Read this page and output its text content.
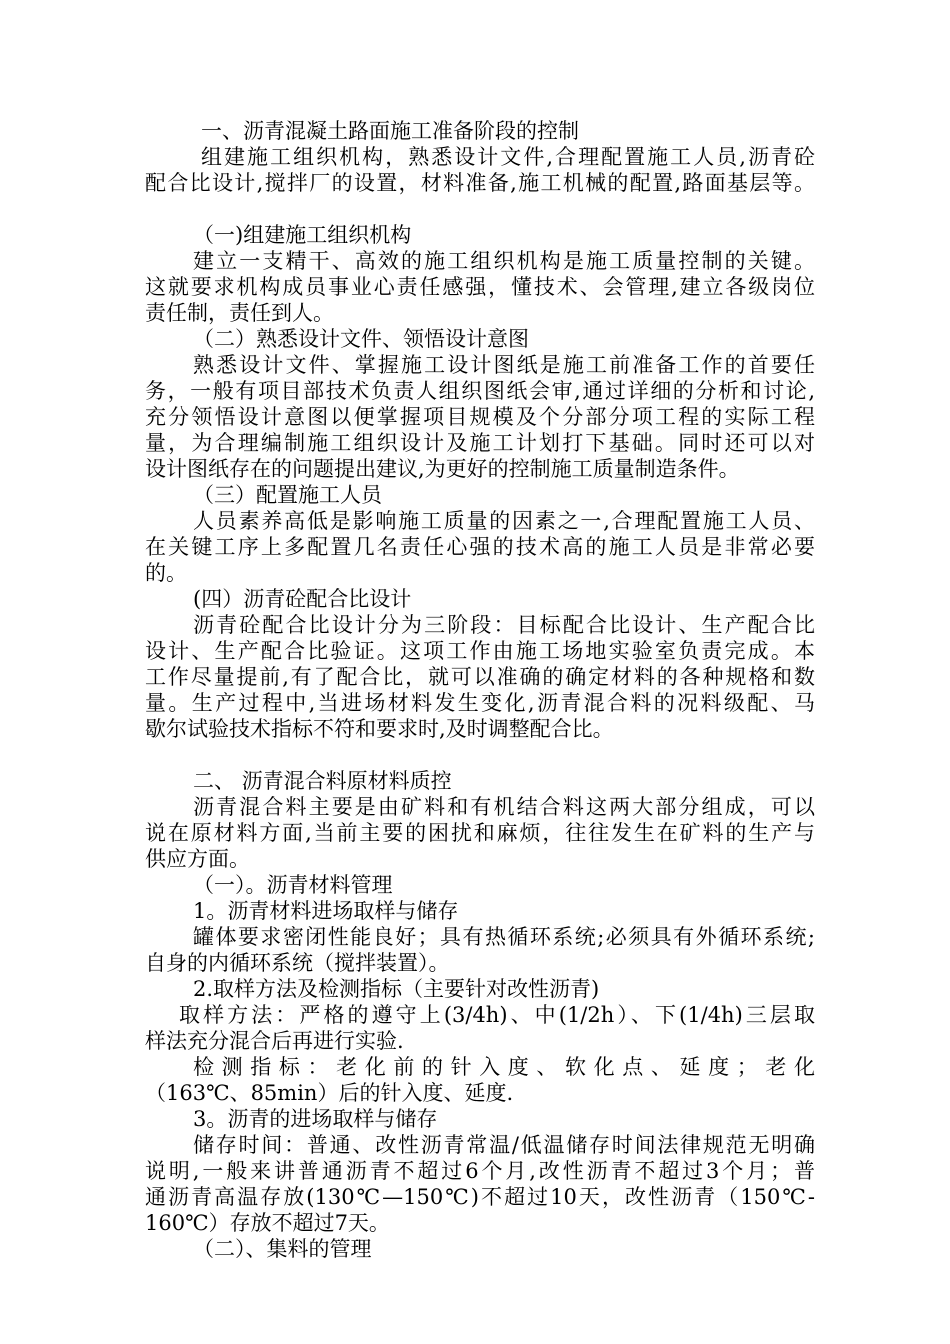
一、沥青混凝土路面施工准备阶段的控制
组建施工组织机构，熟悉设计文件,合理配置施工人员,沥青砼
配合比设计,搅拌厂的设置，材料准备,施工机械的配置,路面基层等。
（一)组建施工组织机构
建立一支精干、高效的施工组织机构是施工质量控制的关键。
这就要求机构成员事业心责任感强，懂技术、会管理,建立各级岗位
责任制，责任到人。
（二）熟悉设计文件、领悟设计意图
熟悉设计文件、掌握施工设计图纸是施工前准备工作的首要任
务，一般有项目部技术负责人组织图纸会审,通过详细的分析和讨论,
充分领悟设计意图以便掌握项目规模及个分部分项工程的实际工程
量，为合理编制施工组织设计及施工计划打下基础。同时还可以对
设计图纸存在的问题提出建议,为更好的控制施工质量制造条件。
（三）配置施工人员
人员素养高低是影响施工质量的因素之一,合理配置施工人员、
在关键工序上多配置几名责任心强的技术高的施工人员是非常必要
的。
(四）沥青砼配合比设计
沥青砼配合比设计分为三阶段：目标配合比设计、生产配合比
设计、生产配合比验证。这项工作由施工场地实验室负责完成。本
工作尽量提前,有了配合比，就可以准确的确定材料的各种规格和数
量。生产过程中,当进场材料发生变化,沥青混合料的况料级配、马
歇尔试验技术指标不符和要求时,及时调整配合比。
二、 沥青混合料原材料质控
沥青混合料主要是由矿料和有机结合料这两大部分组成，可以
说在原材料方面,当前主要的困扰和麻烦，往往发生在矿料的生产与
供应方面。
（一）。沥青材料管理
1。沥青材料进场取样与储存
罐体要求密闭性能良好；具有热循环系统;必须具有外循环系统;
自身的内循环系统（搅拌装置）。
2.取样方法及检测指标（主要针对改性沥青)
取样方法：严格的遵守上(3/4h)、中(1/2h）、下(1/4h)三层取
样法充分混合后再进行实验.
检测指标：老化前的针入度、软化点、延度；老化
（163℃、85min）后的针入度、延度.
3。沥青的进场取样与储存
储存时间：普通、改性沥青常温/低温储存时间法律规范无明确
说明,一般来讲普通沥青不超过6个月,改性沥青不超过3个月；普
通沥青高温存放(130℃—150℃)不超过10天，改性沥青（150℃-
160℃）存放不超过7天。
（二）、集料的管理
